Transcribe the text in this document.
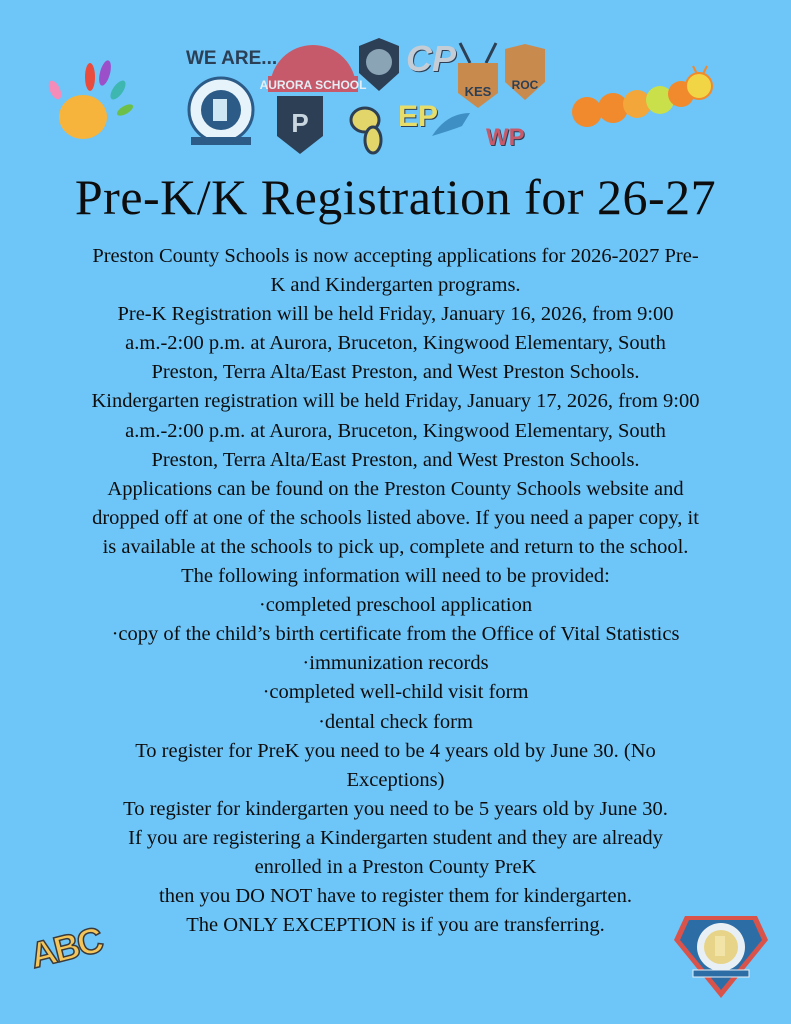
WE ARE...
AURORA SCHOOL
P
CP
KES ROC
EP
WP
Pre-K/K Registration for 26-27
Preston County Schools is now accepting applications for 2026-2027 Pre-
K and Kindergarten programs.
Pre-K Registration will be held Friday, January 16, 2026, from 9:00
a.m.-2:00 p.m. at Aurora, Bruceton, Kingwood Elementary, South
Preston, Terra Alta/East Preston, and West Preston Schools.
Kindergarten registration will be held Friday, January 17, 2026, from 9:00
a.m.-2:00 p.m. at Aurora, Bruceton, Kingwood Elementary, South
Preston, Terra Alta/East Preston, and West Preston Schools.
Applications can be found on the Preston County Schools website and
dropped off at one of the schools listed above. If you need a paper copy, it
is available at the schools to pick up, complete and return to the school.
The following information will need to be provided:
·completed preschool application
·copy of the child’s birth certificate from the Office of Vital Statistics
·immunization records
·completed well-child visit form
·dental check form
To register for PreK you need to be 4 years old by June 30. (No
Exceptions)
To register for kindergarten you need to be 5 years old by June 30.
If you are registering a Kindergarten student and they are already
enrolled in a Preston County PreK
then you DO NOT have to register them for kindergarten.
The ONLY EXCEPTION is if you are transferring.
ABC
